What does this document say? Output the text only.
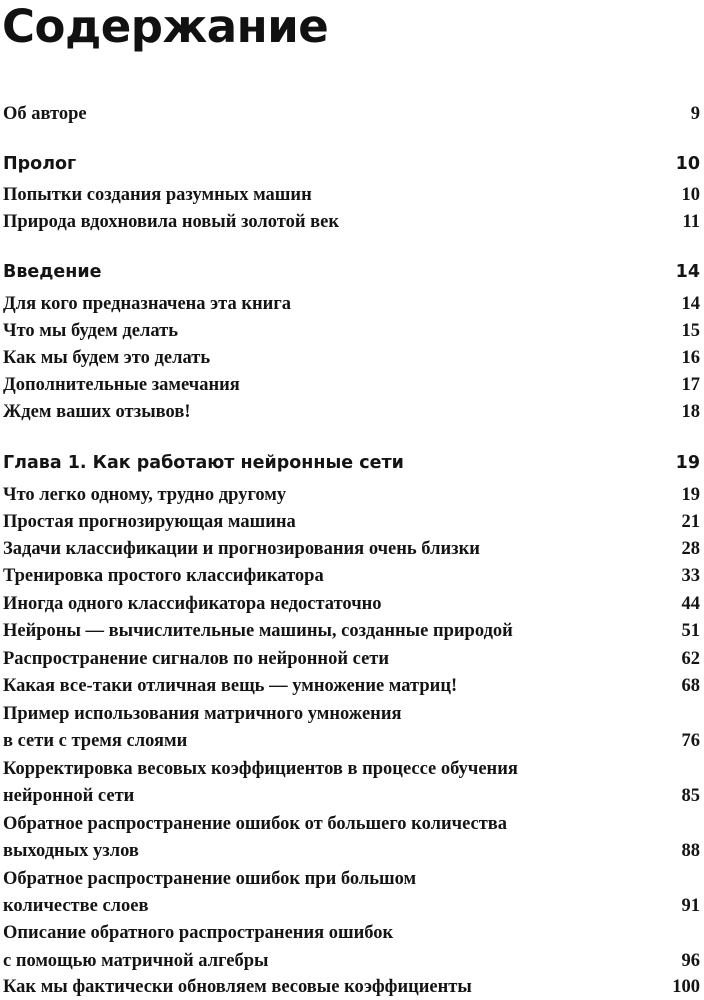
Содержание
Об авторе	9
Пролог	10
Попытки создания разумных машин	10
Природа вдохновила новый золотой век	11
Введение	14
Для кого предназначена эта книга	14
Что мы будем делать	15
Как мы будем это делать	16
Дополнительные замечания	17
Ждем ваших отзывов!	18
Глава 1. Как работают нейронные сети	19
Что легко одному, трудно другому	19
Простая прогнозирующая машина	21
Задачи классификации и прогнозирования очень близки	28
Тренировка простого классификатора	33
Иногда одного классификатора недостаточно	44
Нейроны — вычислительные машины, созданные природой	51
Распространение сигналов по нейронной сети	62
Какая все-таки отличная вещь — умножение матриц!	68
Пример использования матричного умножения
в сети с тремя слоями	76
Корректировка весовых коэффициентов в процессе обучения
нейронной сети	85
Обратное распространение ошибок от большего количества
выходных узлов	88
Обратное распространение ошибок при большом
количестве слоев	91
Описание обратного распространения ошибок
с помощью матричной алгебры	96
Как мы фактически обновляем весовые коэффициенты	100
